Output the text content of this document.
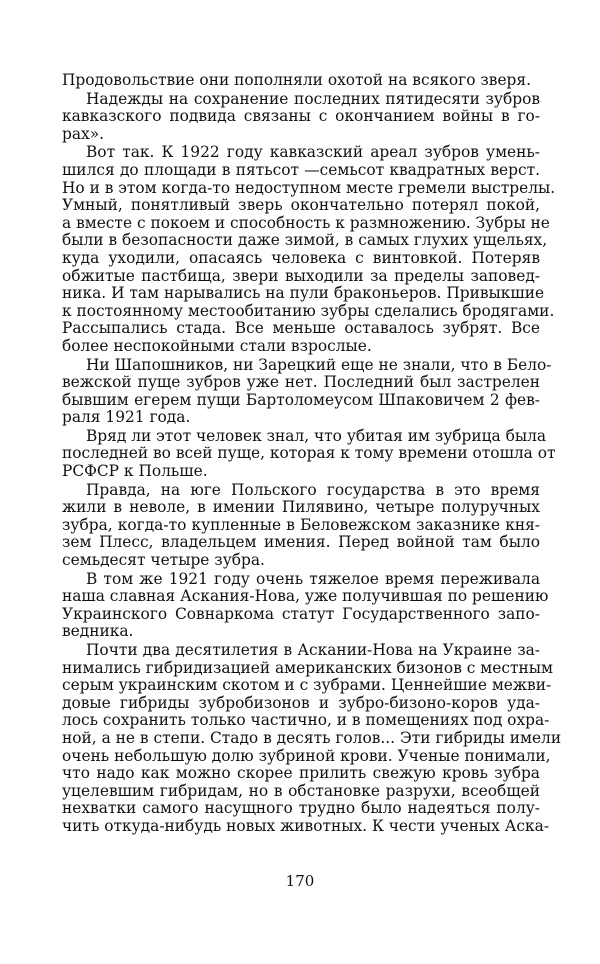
Продовольствие они пополняли охотой на всякого зверя.
Надежды на сохранение последних пятидесяти зубров
кавказского подвида связаны с окончанием войны в го-
рах».
Вот так. К 1922 году кавказский ареал зубров умень-
шился до площади в пятьсот —семьсот квадратных верст.
Но и в этом когда-то недоступном месте гремели выстрелы.
Умный, понятливый зверь окончательно потерял покой,
а вместе с покоем и способность к размножению. Зубры не
были в безопасности даже зимой, в самых глухих ущельях,
куда уходили, опасаясь человека с винтовкой. Потеряв
обжитые пастбища, звери выходили за пределы заповед-
ника. И там нарывались на пули браконьеров. Привыкшие
к постоянному местообитанию зубры сделались бродягами.
Рассыпались стада. Все меньше оставалось зубрят. Все
более неспокойными стали взрослые.
Ни Шапошников, ни Зарецкий еще не знали, что в Бело-
вежской пуще зубров уже нет. Последний был застрелен
бывшим егерем пущи Бартоломеусом Шпаковичем 2 фев-
раля 1921 года.
Вряд ли этот человек знал, что убитая им зубрица была
последней во всей пуще, которая к тому времени отошла от
РСФСР к Польше.
Правда, на юге Польского государства в это время
жили в неволе, в имении Пилявино, четыре полуручных
зубра, когда-то купленные в Беловежском заказнике кня-
зем Плесс, владельцем имения. Перед войной там было
семьдесят четыре зубра.
В том же 1921 году очень тяжелое время переживала
наша славная Аскания-Нова, уже получившая по решению
Украинского Совнаркома статут Государственного запо-
ведника.
Почти два десятилетия в Аскании-Нова на Украине за-
нимались гибридизацией американских бизонов с местным
серым украинским скотом и с зубрами. Ценнейшие межви-
довые гибриды зубробизонов и зубро-бизоно-коров уда-
лось сохранить только частично, и в помещениях под охра-
ной, а не в степи. Стадо в десять голов... Эти гибриды имели
очень небольшую долю зубриной крови. Ученые понимали,
что надо как можно скорее прилить свежую кровь зубра
уцелевшим гибридам, но в обстановке разрухи, всеобщей
нехватки самого насущного трудно было надеяться полу-
чить откуда-нибудь новых животных. К чести ученых Аска-
170
